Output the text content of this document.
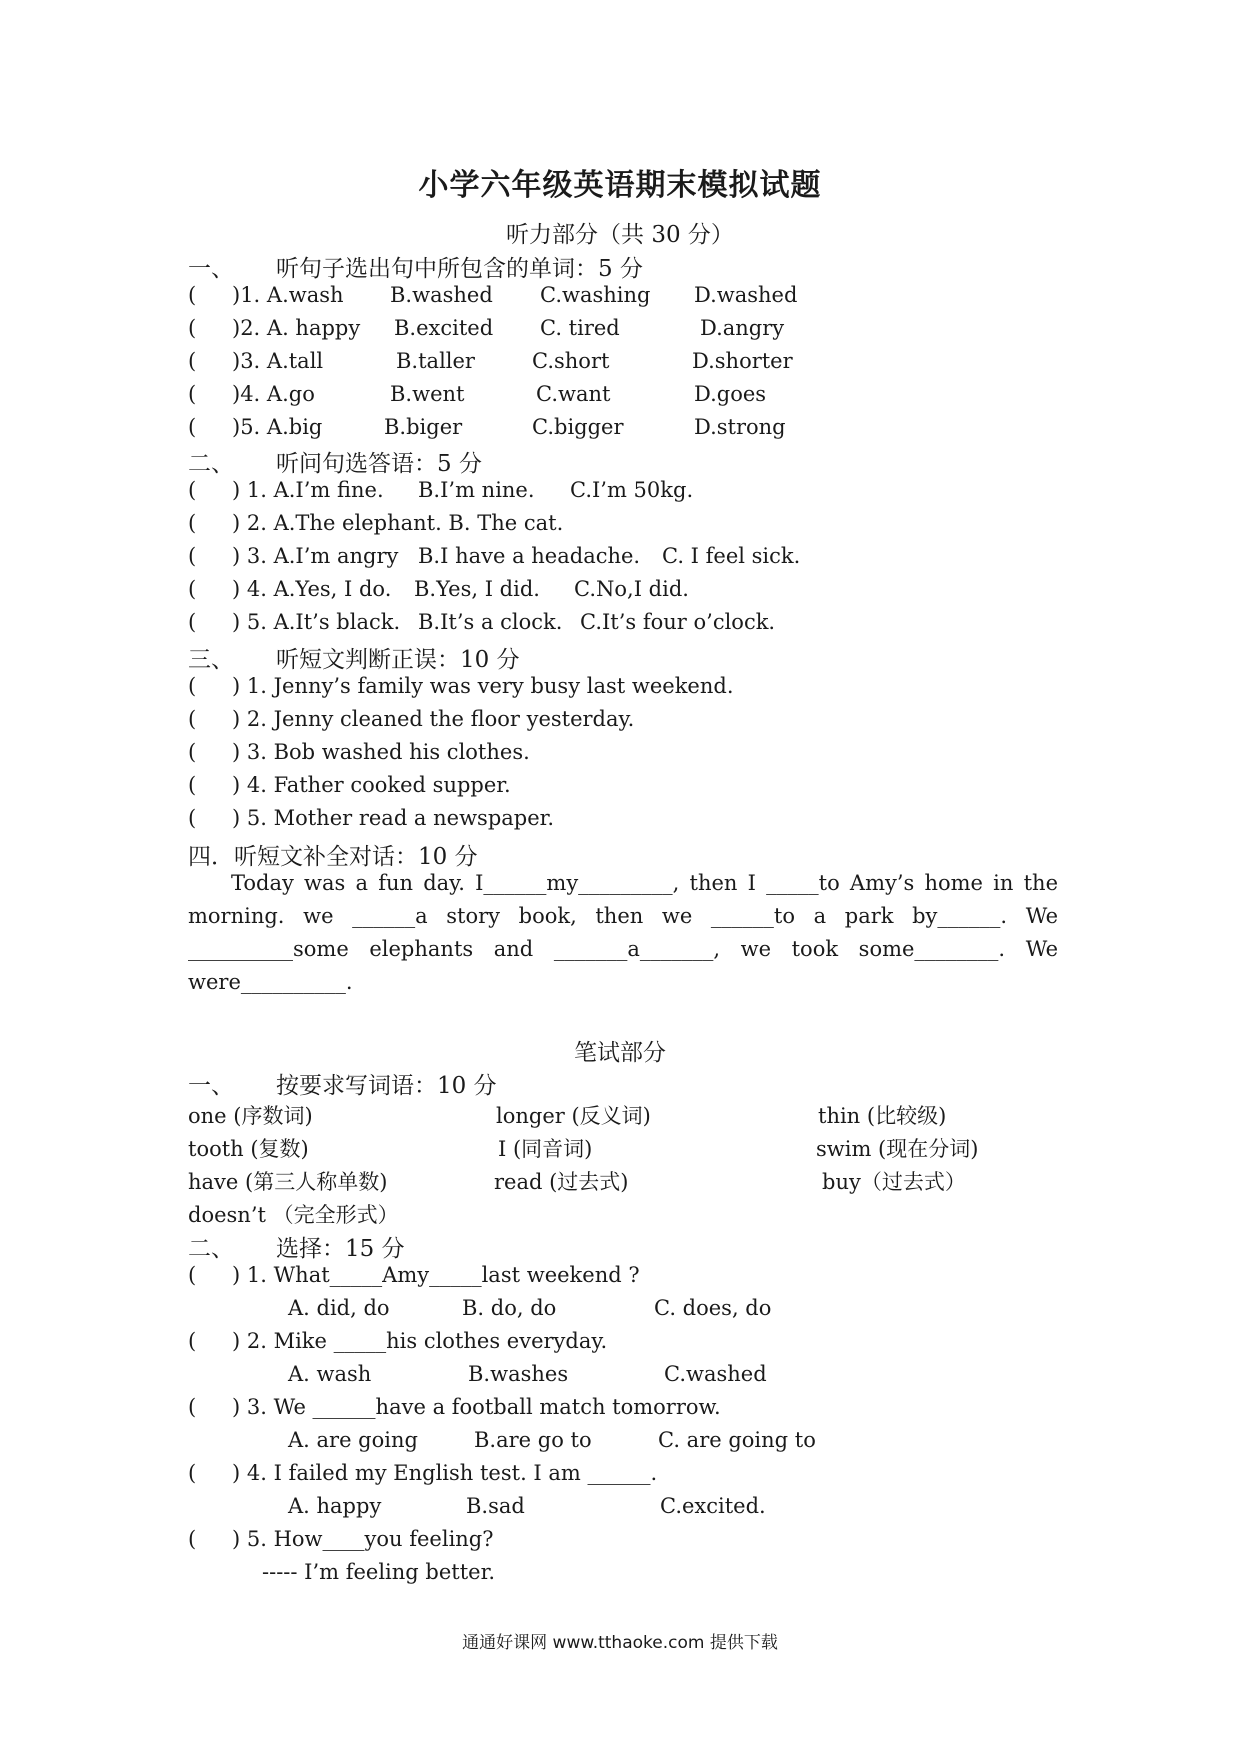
小学六年级英语期末模拟试题
听力部分（共 30 分）
一、 听句子选出句中所包含的单词：5 分
( )1. A.wash B.washed C.washing D.washed
( )2. A. happy B.excited C. tired	D.angry
( )3. A.tall	B.taller	C.short	D.shorter
( )4. A.go	B.went	C.want	D.goes
( )5. A.big	B.biger	C.bigger	D.strong
二、 听问句选答语：5 分
( ) 1. A.I’m fine. B.I’m nine. C.I’m 50kg.
( ) 2. A.The elephant. B. The cat.
( ) 3. A.I’m angry B.I have a headache. C. I feel sick.
( ) 4. A.Yes, I do. B.Yes, I did. C.No,I did.
( ) 5. A.It’s black. B.It’s a clock. C.It’s four o’clock.
三、 听短文判断正误：10 分
( ) 1. Jenny’s family was very busy last weekend.
( ) 2. Jenny cleaned the floor yesterday.
( ) 3. Bob washed his clothes.
( ) 4. Father cooked supper.
( ) 5. Mother read a newspaper.
四．听短文补全对话：10 分
Today was a fun day. I______my_________, then I _____to Amy’s home in the morning. we ______a story book, then we ______to a park by______. We __________some elephants and _______a_______, we took some________. We were__________.
笔试部分
一、 按要求写词语：10 分
one (序数词)	longer (反义词)	thin (比较级)
tooth (复数)	I (同音词)	swim (现在分词)
have (第三人称单数)	read (过去式)	buy（过去式）
doesn’t （完全形式）
二、 选择：15 分
( ) 1. What_____Amy_____last weekend ?
A. did, do	B. do, do	C. does, do
( ) 2. Mike _____his clothes everyday.
A. wash	B.washes	C.washed
( ) 3. We ______have a football match tomorrow.
A. are going	B.are go to	C. are going to
( ) 4. I failed my English test. I am ______.
A. happy	B.sad	C.excited.
( ) 5. How____you feeling?
----- I’m feeling better.
通通好课网 www.tthaoke.com 提供下载
